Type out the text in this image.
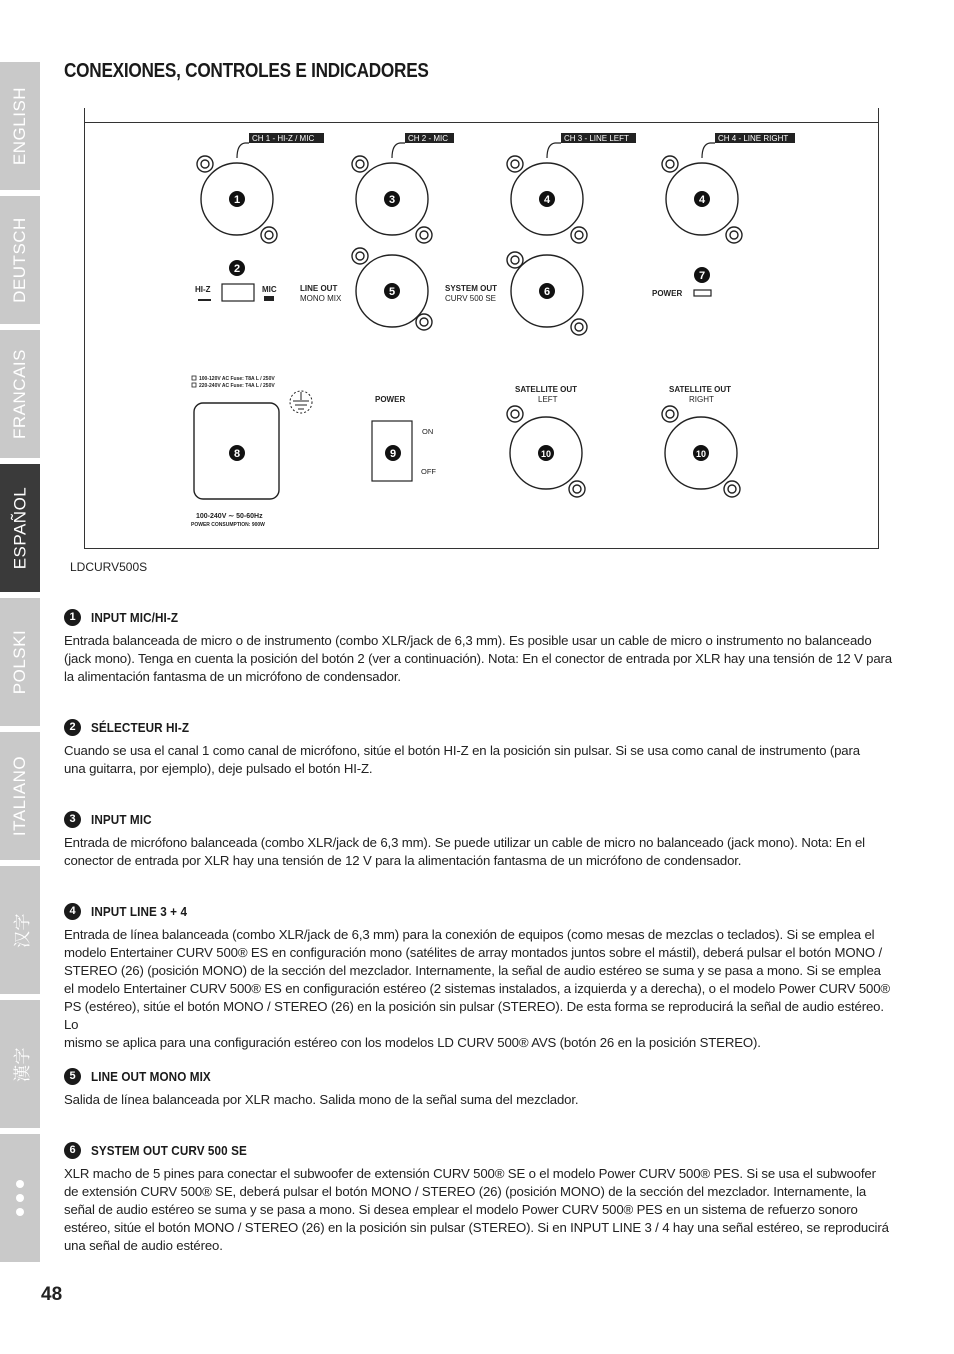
ENGLISH
DEUTSCH
FRANCAIS
ESPAÑOL
POLSKI
ITALIANO
汉字
漢字
CONEXIONES, CONTROLES E INDICADORES
CH 1 - HI-Z / MIC	CH 2 - MIC	CH 3 - LINE LEFT	CH 4 - LINE RIGHT
1	3	4	4
2
5	6
7
8	9	10	10
HI-Z	MIC	LINE OUT
MONO MIX
SYSTEM OUT
CURV 500 SE
POWER
100-120V AC Fuse: T8A L / 250V
220-240V AC Fuse: T4A L / 250V
100-240V ∼ 50-60Hz
POWER CONSUMPTION: 900W
POWER
ON
OFF
SATELLITE OUT
LEFT
SATELLITE OUT
RIGHT
LDCURV500S
1	INPUT MIC/HI-Z
Entrada balanceada de micro o de instrumento (combo XLR/jack de 6,3 mm). Es posible usar un cable de micro o instrumento no balanceado
(jack mono). Tenga en cuenta la posición del botón 2 (ver a continuación). Nota: En el conector de entrada por XLR hay una tensión de 12 V para
la alimentación fantasma de un micrófono de condensador.
2	SÉLECTEUR HI-Z
Cuando se usa el canal 1 como canal de micrófono, sitúe el botón HI-Z en la posición sin pulsar. Si se usa como canal de instrumento (para
una guitarra, por ejemplo), deje pulsado el botón HI-Z.
3	INPUT MIC
Entrada de micrófono balanceada (combo XLR/jack de 6,3 mm). Se puede utilizar un cable de micro no balanceado (jack mono). Nota: En el
conector de entrada por XLR hay una tensión de 12 V para la alimentación fantasma de un micrófono de condensador.
4	INPUT LINE 3 + 4
Entrada de línea balanceada (combo XLR/jack de 6,3 mm) para la conexión de equipos (como mesas de mezclas o teclados). Si se emplea el
modelo Entertainer CURV 500® ES en configuración mono (satélites de array montados juntos sobre el mástil), deberá pulsar el botón MONO /
STEREO (26) (posición MONO) de la sección del mezclador. Internamente, la señal de audio estéreo se suma y se pasa a mono. Si se emplea
el modelo Entertainer CURV 500® ES en configuración estéreo (2 sistemas instalados, a izquierda y a derecha), o el modelo Power CURV 500®
PS (estéreo), sitúe el botón MONO / STEREO (26) en la posición sin pulsar (STEREO). De esta forma se reproducirá la señal de audio estéreo. Lo
mismo se aplica para una configuración estéreo con los modelos LD CURV 500® AVS (botón 26 en la posición STEREO).
5	LINE OUT MONO MIX
Salida de línea balanceada por XLR macho. Salida mono de la señal suma del mezclador.
6	SYSTEM OUT CURV 500 SE
XLR macho de 5 pines para conectar el subwoofer de extensión CURV 500® SE o el modelo Power CURV 500® PES. Si se usa el subwoofer
de extensión CURV 500® SE, deberá pulsar el botón MONO / STEREO (26) (posición MONO) de la sección del mezclador. Internamente, la
señal de audio estéreo se suma y se pasa a mono. Si desea emplear el modelo Power CURV 500® PES en un sistema de refuerzo sonoro
estéreo, sitúe el botón MONO / STEREO (26) en la posición sin pulsar (STEREO). Si en INPUT LINE 3 / 4 hay una señal estéreo, se reproducirá
una señal de audio estéreo.
48
